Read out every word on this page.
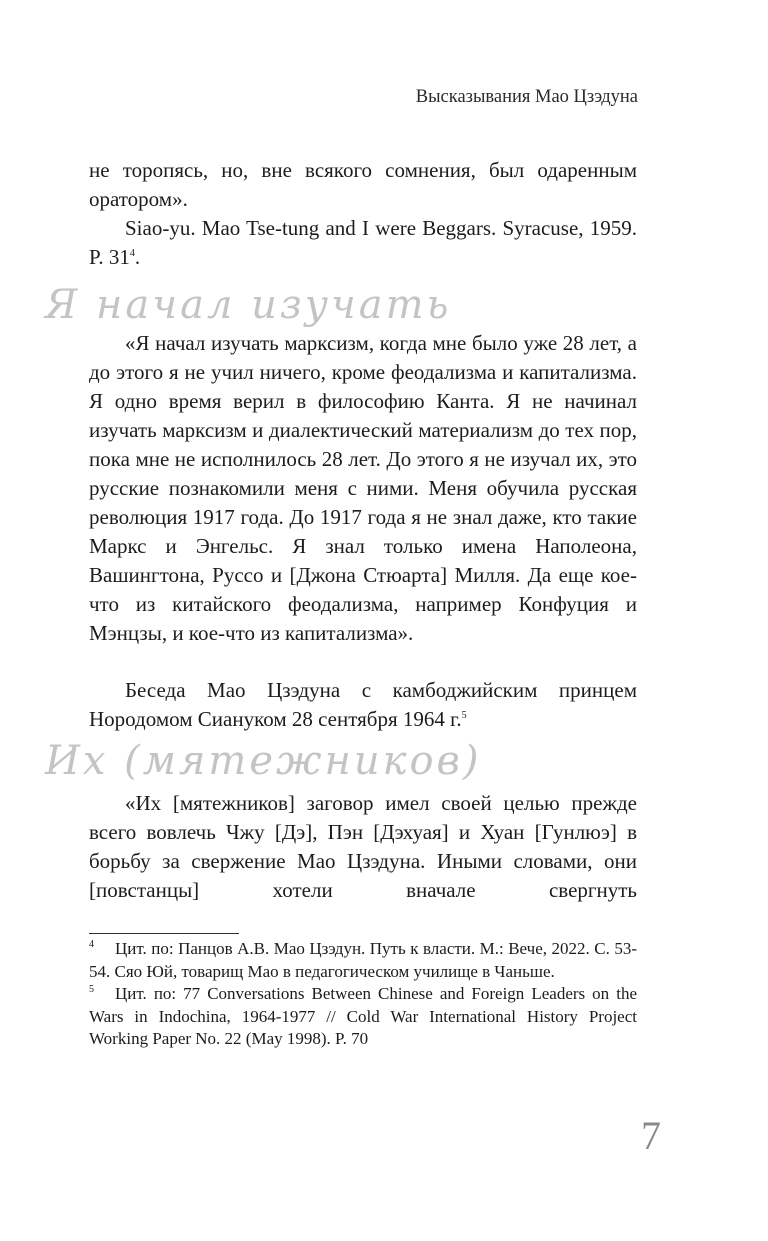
Высказывания Мао Цзэдуна

не торопясь, но, вне всякого сомнения, был одаренным оратором».

Siao-yu. Mao Tse-tung and I were Beggars. Syracuse, 1959. P. $31^4$.

Я начал изучать

«Я начал изучать марксизм, когда мне было уже 28 лет, а до этого я не учил ничего, кроме феодализма и капитализма. Я одно время верил в философию Канта. Я не начинал изучать марксизм и диалектический материализм до тех пор, пока мне не исполнилось 28 лет. До этого я не изучал их, это русские познакомили меня с ними. Меня обучила русская революция 1917 года. До 1917 года я не знал даже, кто такие Маркс и Энгельс. Я знал только имена Наполеона, Вашингтона, Руссо и [Джона Стюарта] Милля. Да еще кое-что из китайского феодализма, например Конфуция и Мэнцзы, и кое-что из капитализма».

Беседа Мао Цзэдуна с камбоджийским принцем Нородомом Сиануком 28 сентября 1964 г.$^5$

Их (мятежников)

«Их [мятежников] заговор имел своей целью прежде всего вовлечь Чжу [Дэ], Пэн [Дэхуая] и Хуан [Гунлюэ] в борьбу за свержение Мао Цзэдуна. Иными словами, они [повстанцы] хотели вначале свергнуть

4 Цит. по: Панцов А.В. Мао Цзэдун. Путь к власти. М.: Вече, 2022. С. 53-54. Сяо Юй, товарищ Мао в педагогическом училище в Чаньше.

5 Цит. по: 77 Conversations Between Chinese and Foreign Leaders on the Wars in Indochina, 1964-1977 // Cold War International History Project Working Paper No. 22 (May 1998). P. 70

7
